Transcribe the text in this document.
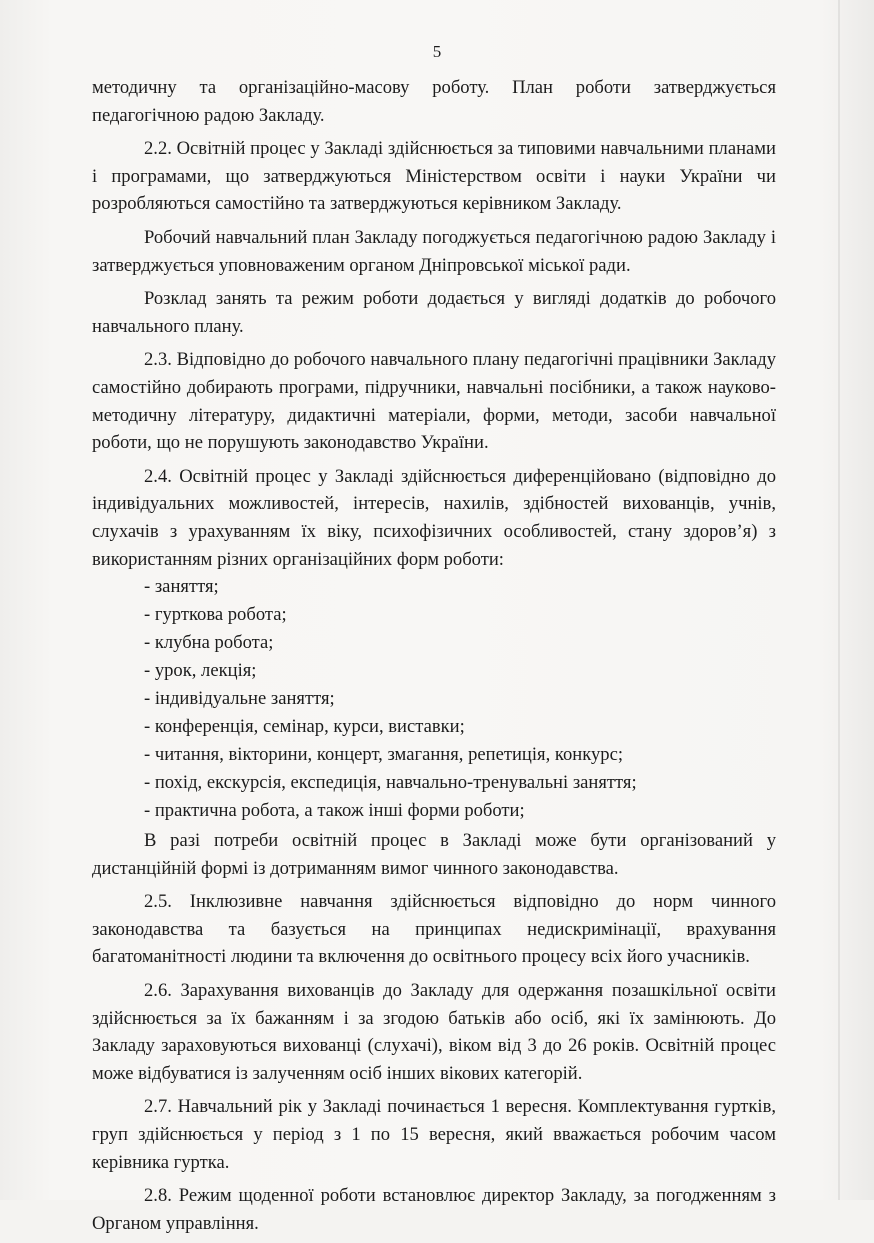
5

методичну та організаційно-масову роботу. План роботи затверджується педагогічною радою Закладу.

2.2. Освітній процес у Закладі здійснюється за типовими навчальними планами і програмами, що затверджуються Міністерством освіти і науки України чи розробляються самостійно та затверджуються керівником Закладу.

Робочий навчальний план Закладу погоджується педагогічною радою Закладу і затверджується уповноваженим органом Дніпровської міської ради.

Розклад занять та режим роботи додається у вигляді додатків до робочого навчального плану.

2.3. Відповідно до робочого навчального плану педагогічні працівники Закладу самостійно добирають програми, підручники, навчальні посібники, а також науково-методичну літературу, дидактичні матеріали, форми, методи, засоби навчальної роботи, що не порушують законодавство України.

2.4. Освітній процес у Закладі здійснюється диференційовано (відповідно до індивідуальних можливостей, інтересів, нахилів, здібностей вихованців, учнів, слухачів з урахуванням їх віку, психофізичних особливостей, стану здоров’я) з використанням різних організаційних форм роботи:

- заняття;
- гурткова робота;
- клубна робота;
- урок, лекція;
- індивідуальне заняття;
- конференція, семінар, курси, виставки;
- читання, вікторини, концерт, змагання, репетиція, конкурс;
- похід, екскурсія, експедиція, навчально-тренувальні заняття;
- практична робота, а також інші форми роботи;

В разі потреби освітній процес в Закладі може бути організований у дистанційній формі із дотриманням вимог чинного законодавства.

2.5. Інклюзивне навчання здійснюється відповідно до норм чинного законодавства та базується на принципах недискримінації, врахування багатоманітності людини та включення до освітнього процесу всіх його учасників.

2.6. Зарахування вихованців до Закладу для одержання позашкільної освіти здійснюється за їх бажанням і за згодою батьків або осіб, які їх замінюють. До Закладу зараховуються вихованці (слухачі), віком від 3 до 26 років. Освітній процес може відбуватися із залученням осіб інших вікових категорій.

2.7. Навчальний рік у Закладі починається 1 вересня. Комплектування гуртків, груп здійснюється у період з 1 по 15 вересня, який вважається робочим часом керівника гуртка.

2.8. Режим щоденної роботи встановлює директор Закладу, за погодженням з Органом управління.
